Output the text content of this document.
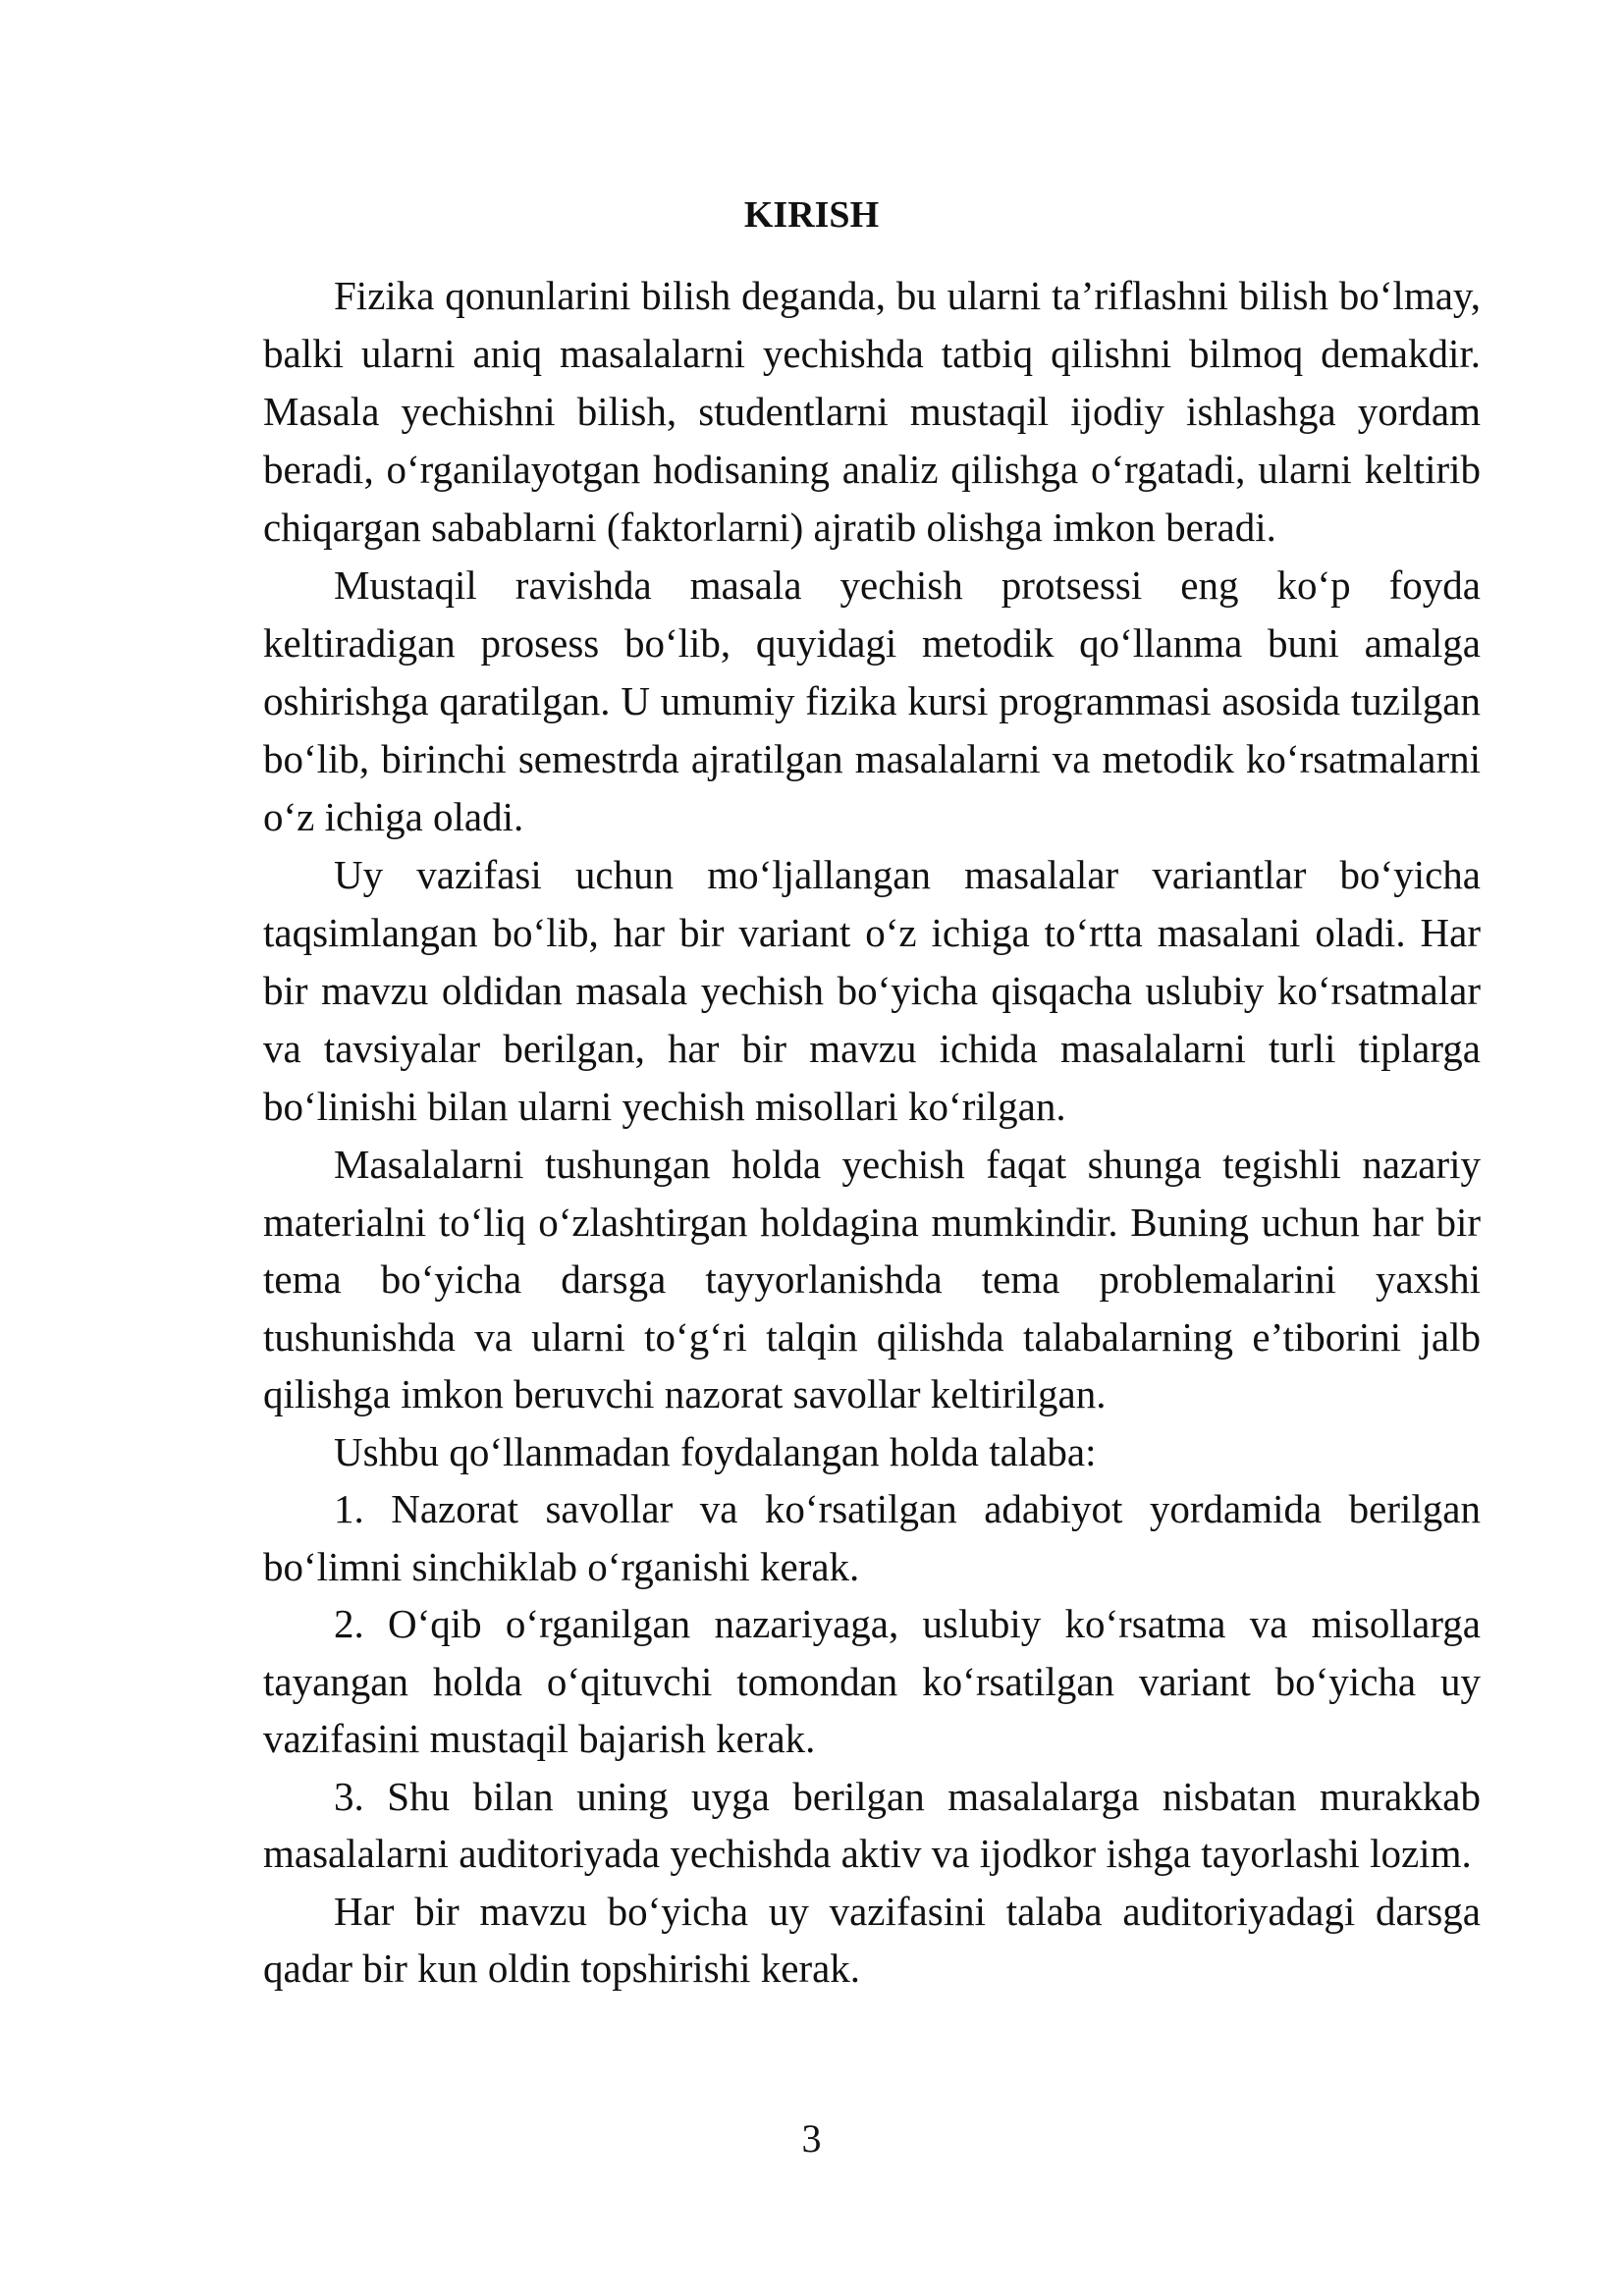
KIRISH

Fizika qonunlarini bilish deganda, bu ularni ta’riflashni bilish boʻlmay, balki ularni aniq masalalarni yechishda tatbiq qilishni bilmoq demakdir. Masala yechishni bilish, studentlarni mustaqil ijodiy ishlashga yordam beradi, oʻrganilayotgan hodisaning analiz qilishga oʻrgatadi, ularni keltirib chiqargan sabablarni (faktorlarni) ajratib olishga imkon beradi.

Mustaqil ravishda masala yechish protsessi eng ko‘p foyda keltiradigan prosess boʻlib, quyidagi metodik qoʻllanma buni amalga oshirishga qaratilgan. U umumiy fizika kursi programmasi asosida tuzilgan boʻlib, birinchi semestrda ajratilgan masalalarni va metodik koʻrsatmalarni oʻz ichiga oladi.

Uy vazifasi uchun moʻljallangan masalalar variantlar boʻyicha taqsimlangan boʻlib, har bir variant oʻz ichiga toʻrtta masalani oladi. Har bir mavzu oldidan masala yechish boʻyicha qisqacha uslubiy koʻrsatmalar va tavsiyalar berilgan, har bir mavzu ichida masalalarni turli tiplarga boʻlinishi bilan ularni yechish misollari koʻrilgan.

Masalalarni tushungan holda yechish faqat shunga tegishli nazariy materialni to‘liq o‘zlashtirgan holdagina mumkindir. Buning uchun har bir tema bo‘yicha darsga tayyorlanishda tema problemalarini yaxshi tushunishda va ularni to‘g‘ri talqin qilishda talabalarning e’tiborini jalb qilishga imkon beruvchi nazorat savollar keltirilgan.

Ushbu qo‘llanmadan foydalangan holda talaba:

1. Nazorat savollar va ko‘rsatilgan adabiyot yordamida berilgan bo‘limni sinchiklab o‘rganishi kerak.

2. O‘qib o‘rganilgan nazariyaga, uslubiy ko‘rsatma va misollarga tayangan holda o‘qituvchi tomondan ko‘rsatilgan variant bo‘yicha uy vazifasini mustaqil bajarish kerak.

3. Shu bilan uning uyga berilgan masalalarga nisbatan murakkab masalalarni auditoriyada yechishda aktiv va ijodkor ishga tayorlashi lozim.

Har bir mavzu bo‘yicha uy vazifasini talaba auditoriyadagi darsga qadar bir kun oldin topshirishi kerak.

3
